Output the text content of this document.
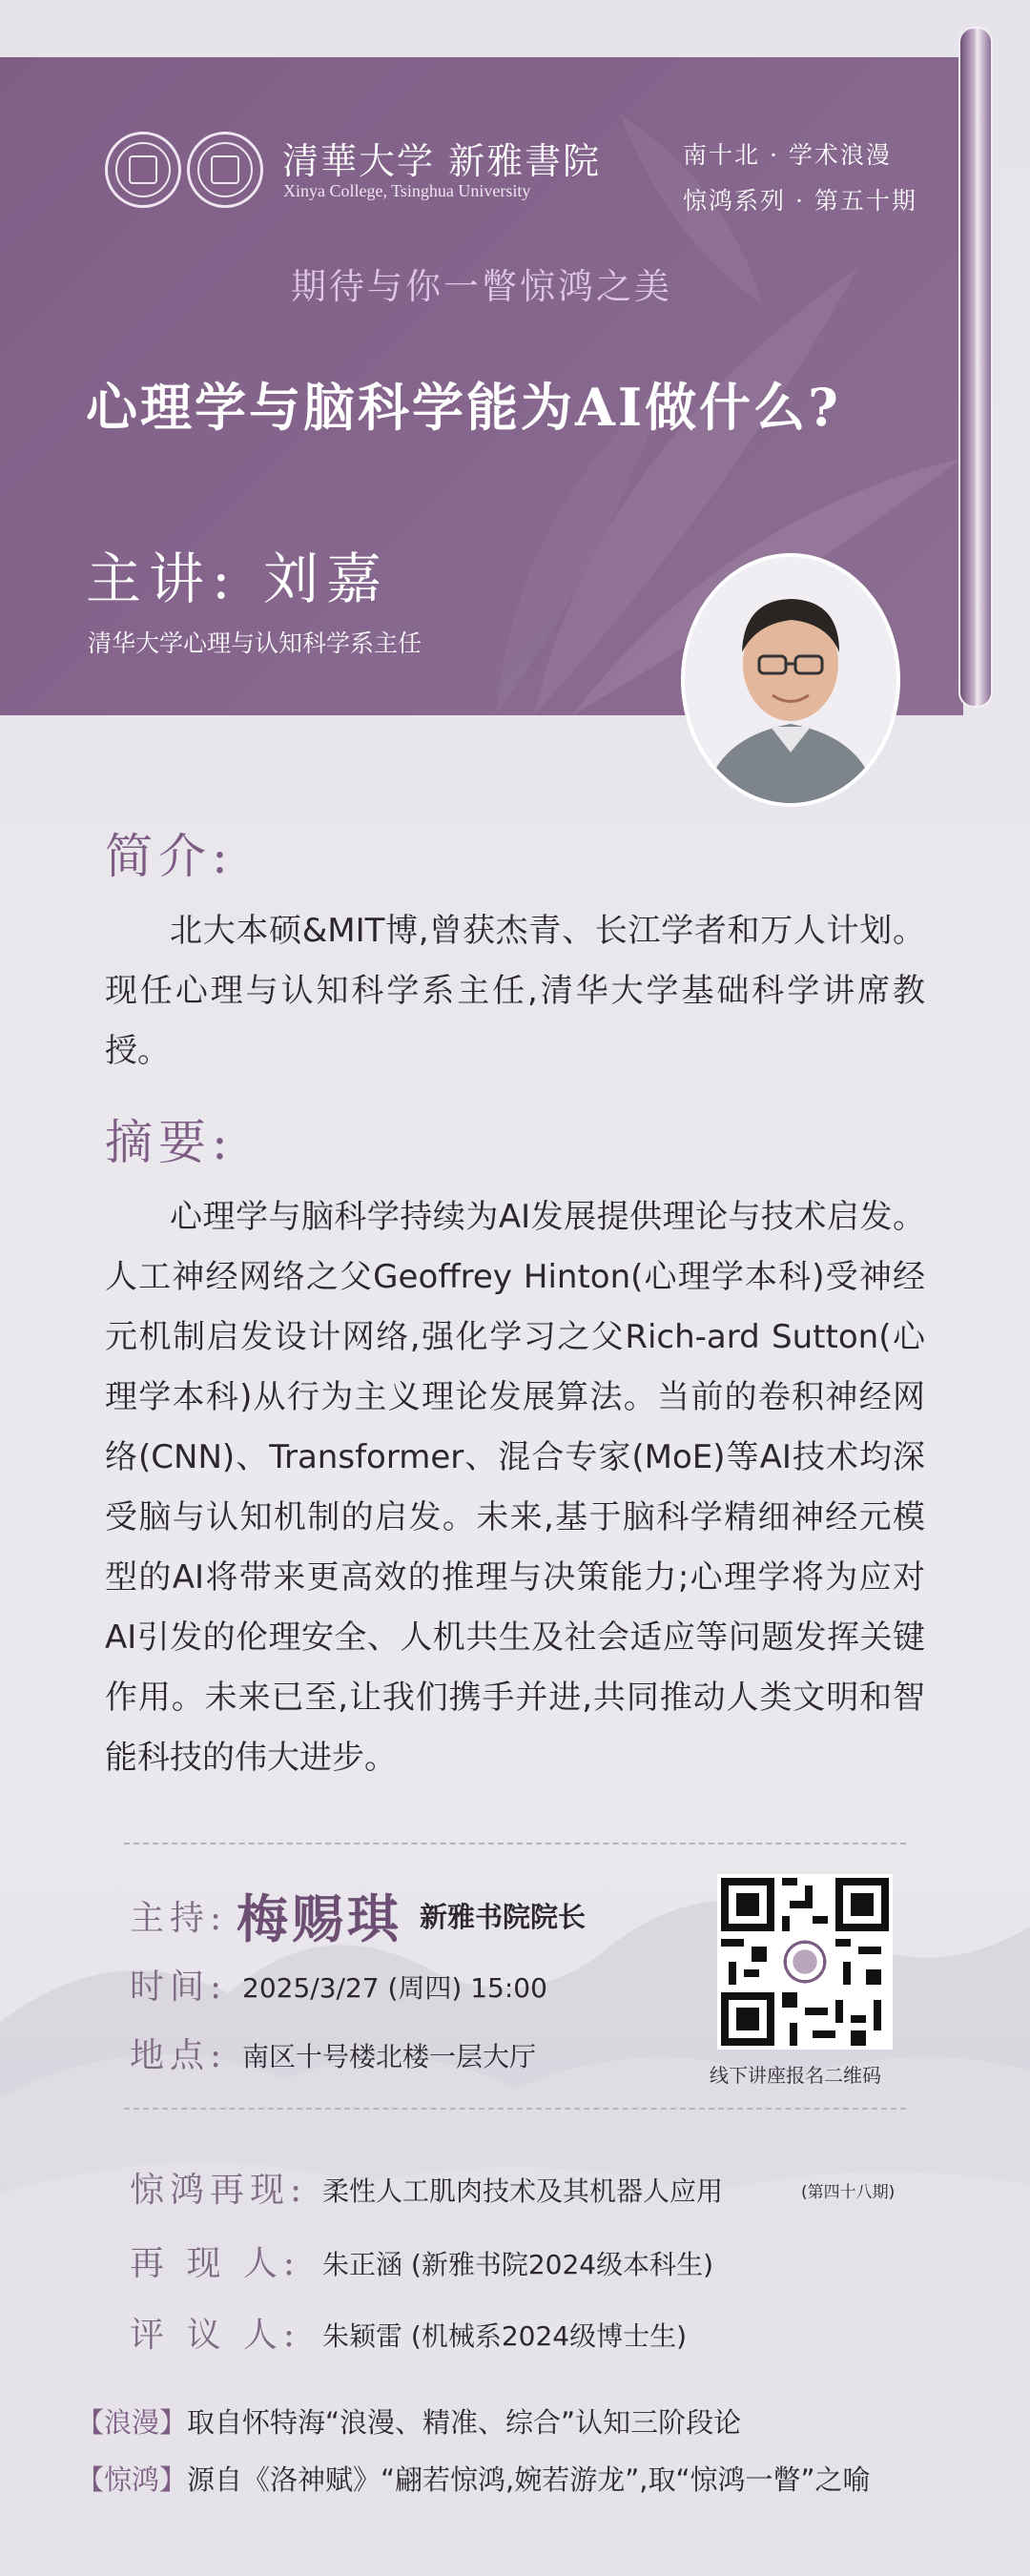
清華大学 新雅書院
Xinya College, Tsinghua University
南十北 · 学术浪漫
惊鸿系列 · 第五十期
期待与你一瞥惊鸿之美
心理学与脑科学能为AI做什么?
主讲: 刘嘉
清华大学心理与认知科学系主任
简介:
北大本硕&MIT博,曾获杰青、长江学者和万人计划。现任心理与认知科学系主任,清华大学基础科学讲席教授。
摘要:
心理学与脑科学持续为AI发展提供理论与技术启发。人工神经网络之父Geoffrey Hinton(心理学本科)受神经元机制启发设计网络,强化学习之父Rich-ard Sutton(心理学本科)从行为主义理论发展算法。当前的卷积神经网络(CNN)、Transformer、混合专家(MoE)等AI技术均深受脑与认知机制的启发。未来,基于脑科学精细神经元模型的AI将带来更高效的推理与决策能力;心理学将为应对AI引发的伦理安全、人机共生及社会适应等问题发挥关键作用。未来已至,让我们携手并进,共同推动人类文明和智能科技的伟大进步。
主持: 梅赐琪 新雅书院院长
时间: 2025/3/27 (周四) 15:00
地点: 南区十号楼北楼一层大厅
线下讲座报名二维码
惊鸿再现: 柔性人工肌肉技术及其机器人应用	(第四十八期)
再 现 人: 朱正涵 (新雅书院2024级本科生)
评 议 人: 朱颖雷 (机械系2024级博士生)
【浪漫】取自怀特海“浪漫、精准、综合”认知三阶段论
【惊鸿】源自《洛神赋》“翩若惊鸿,婉若游龙”,取“惊鸿一瞥”之喻
